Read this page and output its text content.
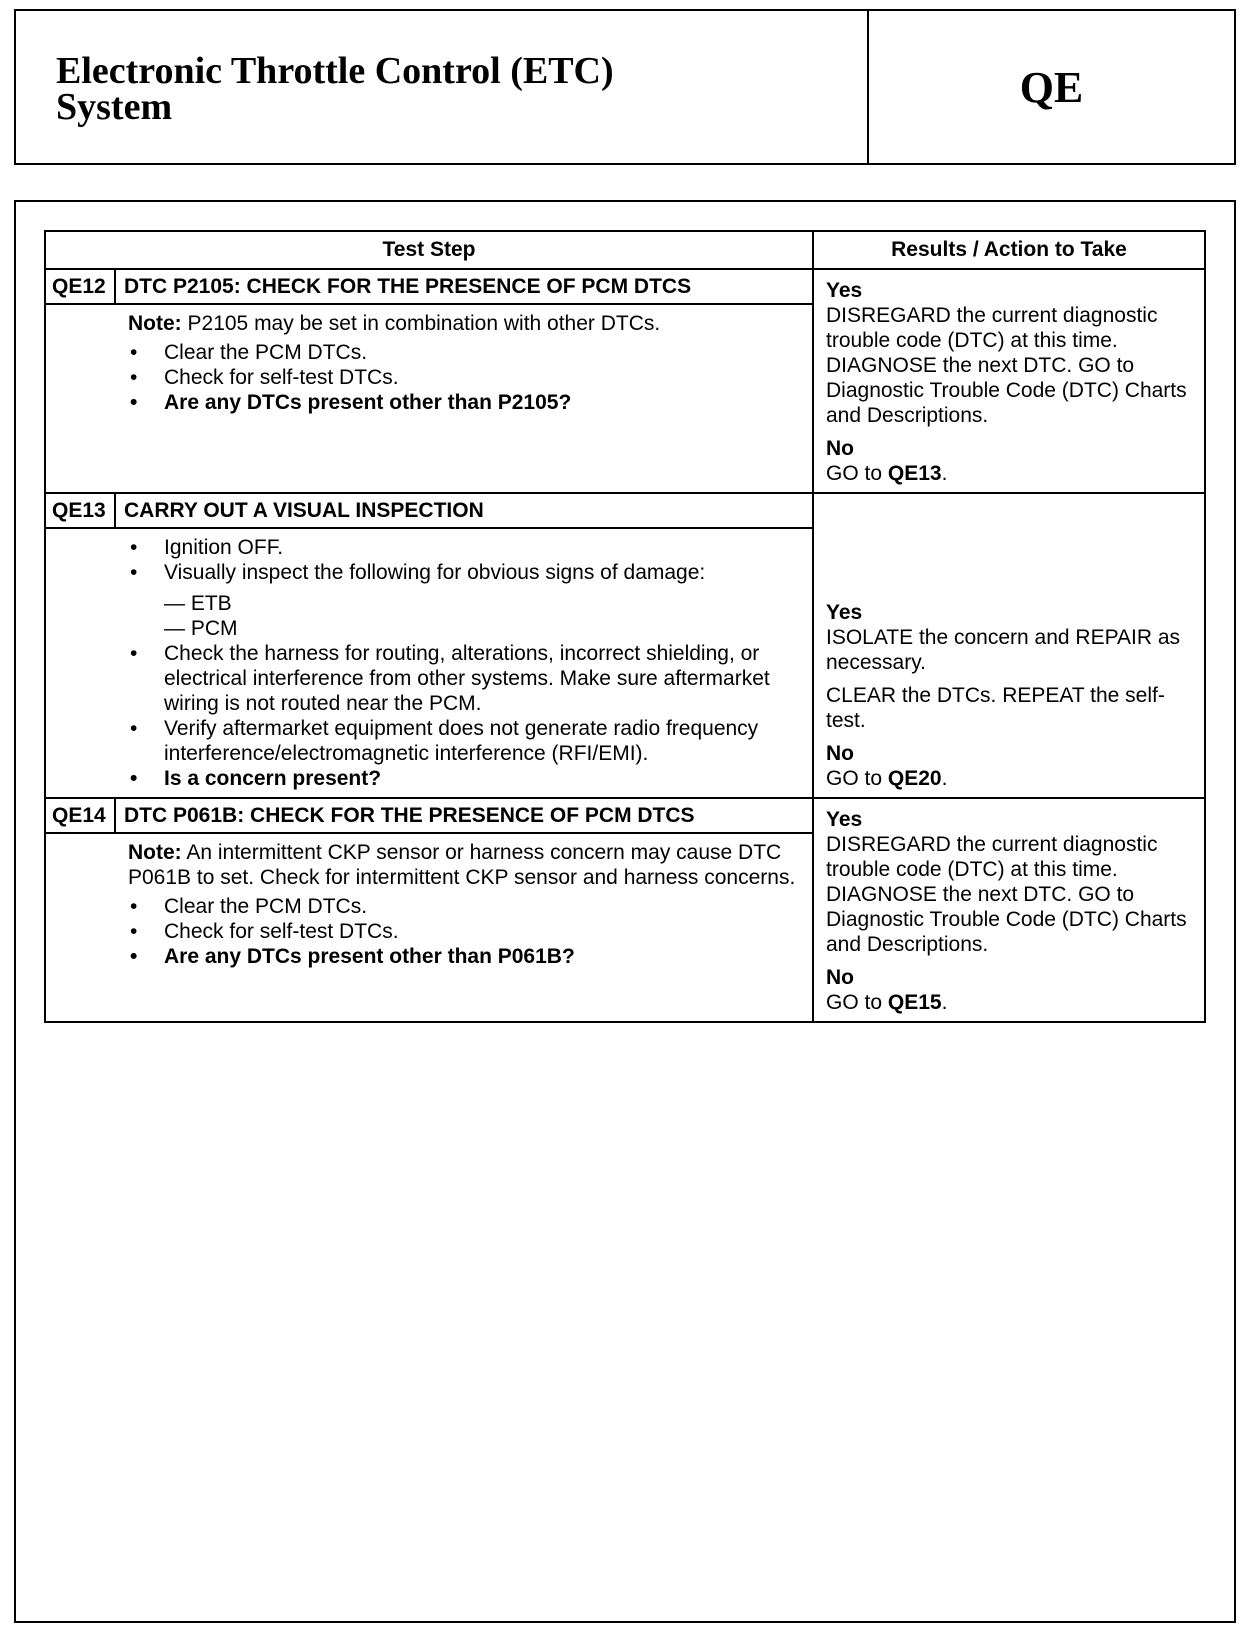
Electronic Throttle Control (ETC)
System	QE
Test Step	Results / Action to Take
QE12 DTC P2105: CHECK FOR THE PRESENCE OF PCM DTCS

Note: P2105 may be set in combination with other DTCs.

• Clear the PCM DTCs.
• Check for self-test DTCs.
• Are any DTCs present other than P2105?
Yes
DISREGARD the current diagnostic trouble code (DTC) at this time. DIAGNOSE the next DTC. GO to Diagnostic Trouble Code (DTC) Charts and Descriptions.
No
GO to QE13.
QE13 CARRY OUT A VISUAL INSPECTION
• Ignition OFF.
• Visually inspect the following for obvious signs of damage:
— ETB
— PCM
• Check the harness for routing, alterations, incorrect shielding, or electrical interference from other systems. Make sure aftermarket wiring is not routed near the PCM.
• Verify aftermarket equipment does not generate radio frequency interference/electromagnetic interference (RFI/EMI).
• Is a concern present?
Yes
ISOLATE the concern and REPAIR as necessary.
CLEAR the DTCs. REPEAT the self-test.
No
GO to QE20.
QE14 DTC P061B: CHECK FOR THE PRESENCE OF PCM DTCS

Note: An intermittent CKP sensor or harness concern may cause DTC P061B to set. Check for intermittent CKP sensor and harness concerns.

• Clear the PCM DTCs.
• Check for self-test DTCs.
• Are any DTCs present other than P061B?
Yes
DISREGARD the current diagnostic trouble code (DTC) at this time. DIAGNOSE the next DTC. GO to Diagnostic Trouble Code (DTC) Charts and Descriptions.
No
GO to QE15.
